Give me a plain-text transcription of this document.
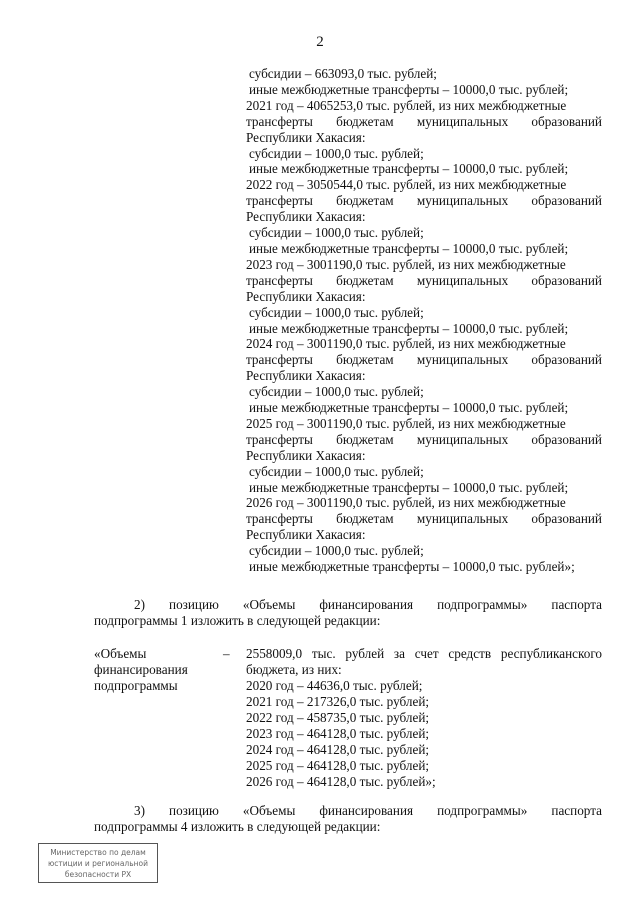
2
субсидии – 663093,0 тыс. рублей;
иные межбюджетные трансферты – 10000,0 тыс. рублей;
2021 год – 4065253,0 тыс. рублей, из них межбюджетные
трансферты бюджетам муниципальных образований
Республики Хакасия:
субсидии – 1000,0 тыс. рублей;
иные межбюджетные трансферты – 10000,0 тыс. рублей;
2022 год – 3050544,0 тыс. рублей, из них межбюджетные
трансферты бюджетам муниципальных образований
Республики Хакасия:
субсидии – 1000,0 тыс. рублей;
иные межбюджетные трансферты – 10000,0 тыс. рублей;
2023 год – 3001190,0 тыс. рублей, из них межбюджетные
трансферты бюджетам муниципальных образований
Республики Хакасия:
субсидии – 1000,0 тыс. рублей;
иные межбюджетные трансферты – 10000,0 тыс. рублей;
2024 год – 3001190,0 тыс. рублей, из них межбюджетные
трансферты бюджетам муниципальных образований
Республики Хакасия:
субсидии – 1000,0 тыс. рублей;
иные межбюджетные трансферты – 10000,0 тыс. рублей;
2025 год – 3001190,0 тыс. рублей, из них межбюджетные
трансферты бюджетам муниципальных образований
Республики Хакасия:
субсидии – 1000,0 тыс. рублей;
иные межбюджетные трансферты – 10000,0 тыс. рублей;
2026 год – 3001190,0 тыс. рублей, из них межбюджетные
трансферты бюджетам муниципальных образований
Республики Хакасия:
субсидии – 1000,0 тыс. рублей;
иные межбюджетные трансферты – 10000,0 тыс. рублей»;
2) позицию «Объемы финансирования подпрограммы» паспорта
подпрограммы 1 изложить в следующей редакции:
«Объемы
финансирования
подпрограммы
– 2558009,0 тыс. рублей за счет средств республиканского
бюджета, из них:
2020 год – 44636,0 тыс. рублей;
2021 год – 217326,0 тыс. рублей;
2022 год – 458735,0 тыс. рублей;
2023 год – 464128,0 тыс. рублей;
2024 год – 464128,0 тыс. рублей;
2025 год – 464128,0 тыс. рублей;
2026 год – 464128,0 тыс. рублей»;
3) позицию «Объемы финансирования подпрограммы» паспорта
подпрограммы 4 изложить в следующей редакции:
Министерство по делам
юстиции и региональной
безопасности РХ
